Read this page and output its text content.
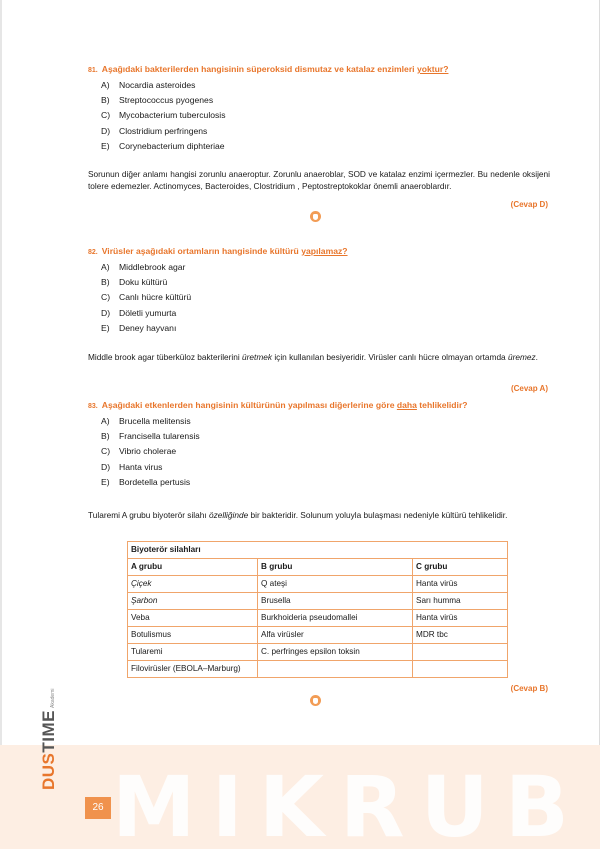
81. Aşağıdaki bakterilerden hangisinin süperoksid dismutaz ve katalaz enzimleri yoktur?
A) Nocardia asteroides
B) Streptococcus pyogenes
C) Mycobacterium tuberculosis
D) Clostridium perfringens
E) Corynebacterium diphteriae
Sorunun diğer anlamı hangisi zorunlu anaeroptur. Zorunlu anaeroblar, SOD ve katalaz enzimi içermezler. Bu nedenle oksijeni tolere edemezler. Actinomyces, Bacteroides, Clostridium , Peptostreptokoklar önemli anaeroblardır.
(Cevap D)
82. Virüsler aşağıdaki ortamların hangisinde kültürü yapılamaz?
A) Middlebrook agar
B) Doku kültürü
C) Canlı hücre kültürü
D) Döletli yumurta
E) Deney hayvanı
Middle brook agar tüberküloz bakterilerini üretmek için kullanılan besiyeridir. Virüsler canlı hücre olmayan ortamda üremez.
(Cevap A)
83. Aşağıdaki etkenlerden hangisinin kültürünün yapılması diğerlerine göre daha tehlikelidir?
A) Brucella melitensis
B) Francisella tularensis
C) Vibrio cholerae
D) Hanta virus
E) Bordetella pertusis
Tularemi A grubu biyoterör silahı özelliğinde bir bakteridir. Solunum yoluyla bulaşması nedeniyle kültürü tehlikelidir.
Biyoterör silahları		
A grubu	B grubu	C grubu
Çiçek	Q ateşi	Hanta virüs
Şarbon	Brusella	Sarı humma
Veba	Burkhoideria pseudomallei	Hanta virüs
Botulismus	Alfa virüsler	MDR tbc
Tularemi	C. perfringes epsilon toksin	
Filovirüsler (EBOLA–Marburg)		
(Cevap B)
MIKRUB
DUSTIMEAkademi
26
